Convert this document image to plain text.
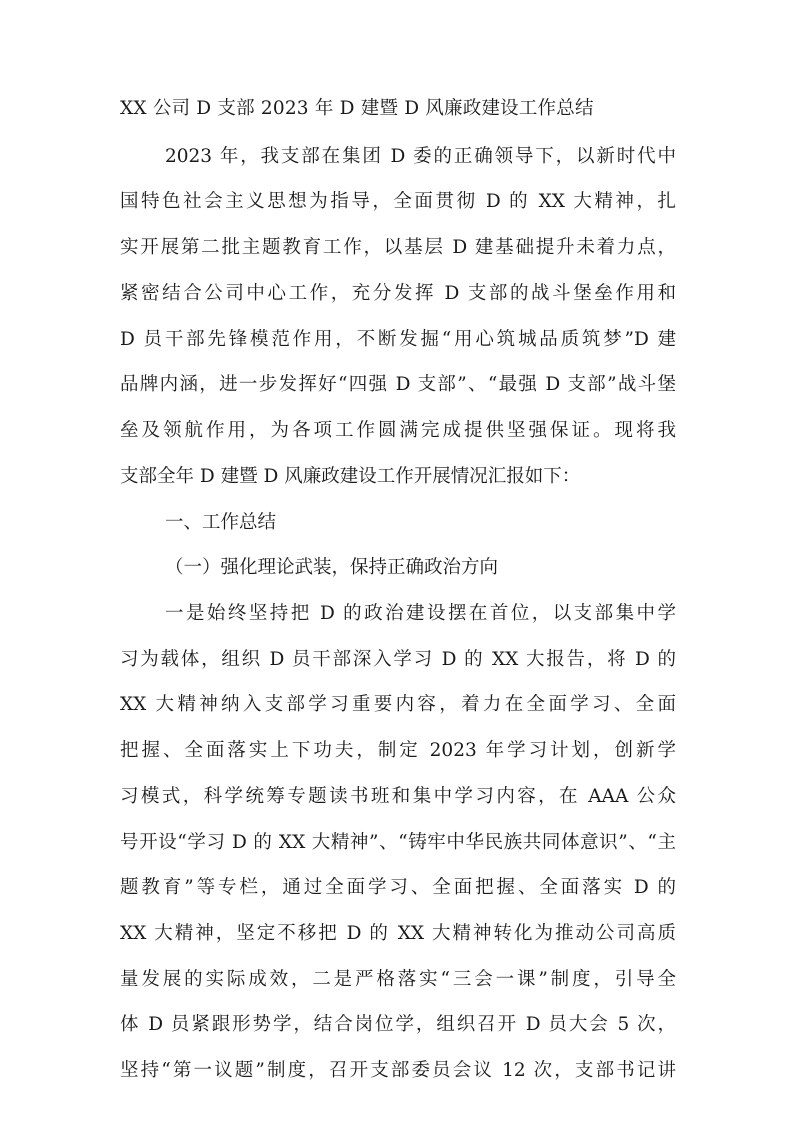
XX 公司 D 支部 2023 年 D 建暨 D 风廉政建设工作总结
2023 年，我支部在集团 D 委的正确领导下，以新时代中
国特色社会主义思想为指导，全面贯彻 D 的 XX 大精神，扎
实开展第二批主题教育工作，以基层 D 建基础提升未着力点，
紧密结合公司中心工作，充分发挥 D 支部的战斗堡垒作用和
D 员干部先锋模范作用，不断发掘“用心筑城品质筑梦”D 建
品牌内涵，进一步发挥好“四强 D 支部”、“最强 D 支部”战斗堡
垒及领航作用，为各项工作圆满完成提供坚强保证。现将我
支部全年 D 建暨 D 风廉政建设工作开展情况汇报如下：
一、工作总结
（一）强化理论武装，保持正确政治方向
一是始终坚持把 D 的政治建设摆在首位，以支部集中学
习为载体，组织 D 员干部深入学习 D 的 XX 大报告，将 D 的
XX 大精神纳入支部学习重要内容，着力在全面学习、全面
把握、全面落实上下功夫，制定 2023 年学习计划，创新学
习模式，科学统筹专题读书班和集中学习内容，在 AAA 公众
号开设“学习 D 的 XX 大精神”、“铸牢中华民族共同体意识”、“主
题教育”等专栏，通过全面学习、全面把握、全面落实 D 的
XX 大精神，坚定不移把 D 的 XX 大精神转化为推动公司高质
量发展的实际成效，二是严格落实“三会一课”制度，引导全
体 D 员紧跟形势学，结合岗位学，组织召开 D 员大会 5 次，
坚持“第一议题”制度，召开支部委员会议 12 次，支部书记讲
